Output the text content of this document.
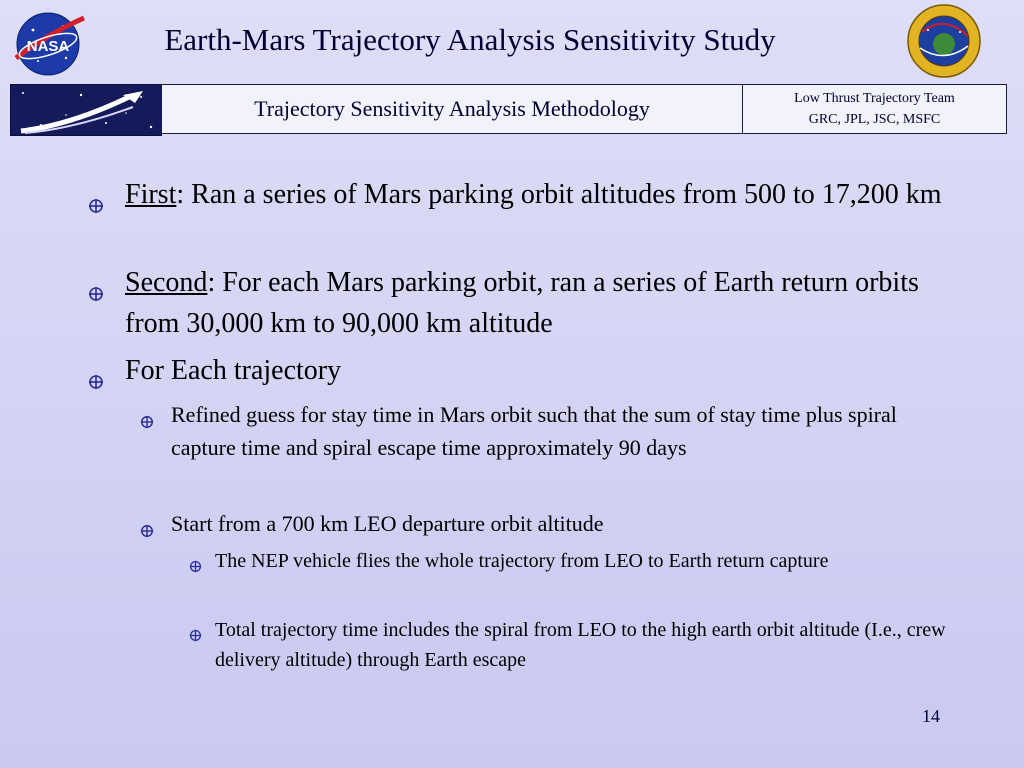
NASA	Earth-Mars Trajectory Analysis Sensitivity Study
Trajectory Sensitivity Analysis Methodology	Low Thrust Trajectory Team
GRC, JPL, JSC, MSFC
First: Ran a series of Mars parking orbit altitudes from 500 to 17,200 km
Second: For each Mars parking orbit, ran a series of Earth return orbits from 30,000 km to 90,000 km altitude
For Each trajectory
Refined guess for stay time in Mars orbit such that the sum of stay time plus spiral capture time and spiral escape time approximately 90 days
Start from a 700 km LEO departure orbit altitude
The NEP vehicle flies the whole trajectory from LEO to Earth return capture
Total trajectory time includes the spiral from LEO to the high earth orbit altitude (I.e., crew delivery altitude) through Earth escape
14
